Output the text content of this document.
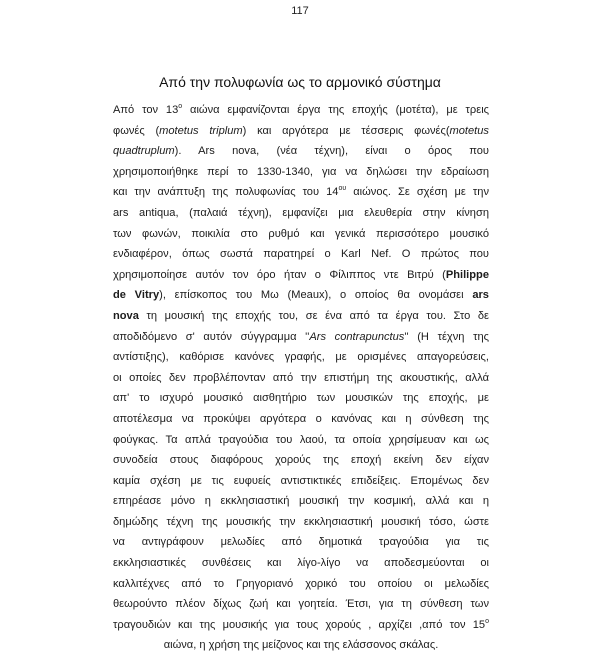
117
Από την πολυφωνία ως το αρμονικό σύστημα
Από τον $13^o$ αιώνα εμφανίζονται έργα της εποχής (μοτέτα), με τρεις
φωνές (motetus triplum) και αργότερα με τέσσερις φωνές(motetus
quadtruplum). Ars nova, (νέα τέχνη), είναι ο όρος που
χρησιμοποιήθηκε περί το 1330-1340, για να δηλώσει την εδραίωση
και την ανάπτυξη της πολυφωνίας του $14^{o\upsilon}$ αιώνος. Σε σχέση με την
ars antiqua, (παλαιά τέχνη), εμφανίζει μια ελευθερία στην κίνηση
των φωνών, ποικιλία στο ρυθμό και γενικά περισσότερο μουσικό
ενδιαφέρον, όπως σωστά παρατηρεί ο Karl Nef. Ο πρώτος που
χρησιμοποίησε αυτόν τον όρο ήταν ο Φίλιππος ντε Βιτρύ (Philippe
de Vitry), επίσκοπος του Μω (Meaux), ο οποίος θα ονομάσει ars
nova τη μουσική της εποχής του, σε ένα από τα έργα του. Στο δε
αποδιδόμενο σ' αυτόν σύγγραμμα ''Ars contrapunctus'' (Η τέχνη της
αντίστιξης), καθόρισε κανόνες γραφής, με ορισμένες απαγορεύσεις,
οι οποίες δεν προβλέπονταν από την επιστήμη της ακουστικής, αλλά
απ' το ισχυρό μουσικό αισθητήριο των μουσικών της εποχής, με
αποτέλεσμα να προκύψει αργότερα ο κανόνας και η σύνθεση της
φούγκας. Τα απλά τραγούδια του λαού, τα οποία χρησίμευαν και ως
συνοδεία στους διαφόρους χορούς της εποχή εκείνη δεν είχαν
καμία σχέση με τις ευφυείς αντιστικτικές επιδείξεις. Επομένως δεν
επηρέασε μόνο η εκκλησιαστική μουσική την κοσμική, αλλά και η
δημώδης τέχνη της μουσικής την εκκλησιαστική μουσική τόσο, ώστε
να αντιγράφουν μελωδίες από δημοτικά τραγούδια για τις
εκκλησιαστικές συνθέσεις και λίγο-λίγο να αποδεσμεύονται οι
καλλιτέχνες από το Γρηγοριανό χορικό του οποίου οι μελωδίες
θεωρούντο πλέον δίχως ζωή και γοητεία. Έτσι, για τη σύνθεση των
τραγουδιών και της μουσικής για τους χορούς , αρχίζει ,από τον $15^o$
αιώνα, η χρήση της μείζονος και της ελάσσονος σκάλας.
